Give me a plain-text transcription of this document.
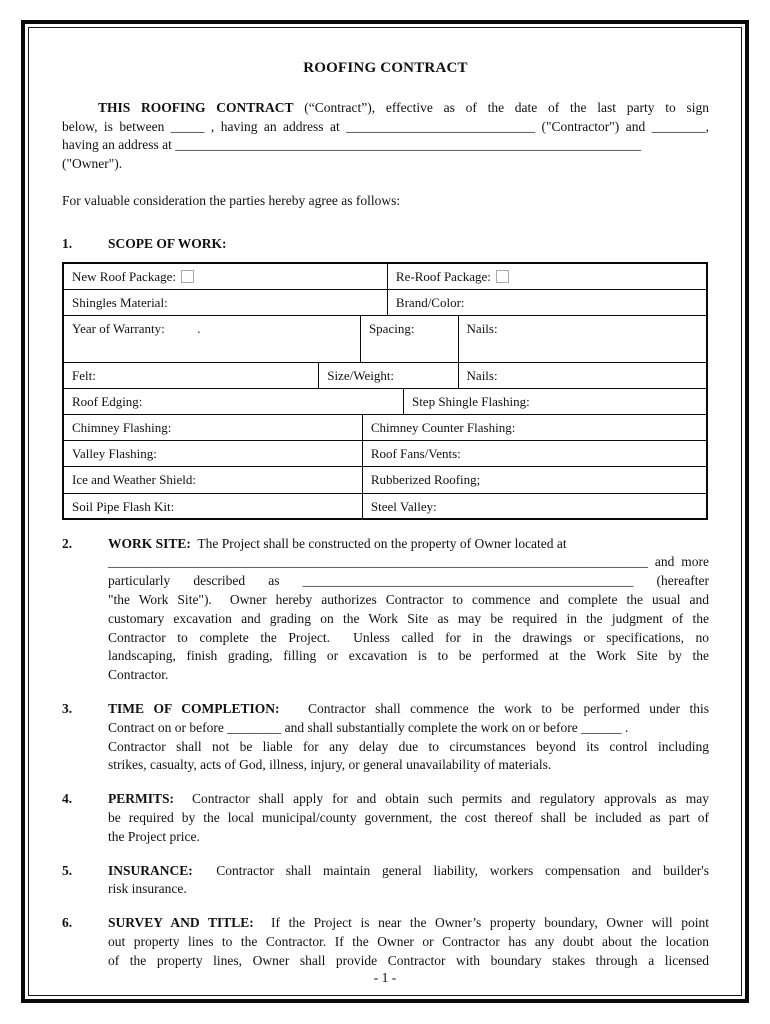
ROOFING CONTRACT
THIS ROOFING CONTRACT (“Contract”), effective as of the date of the last party to sign
below, is between _____ , having an address at ____________________________ ("Contractor") and ________,
having an address at _____________________________________________________________________
("Owner").
For valuable consideration the parties hereby agree as follows:
1.	SCOPE OF WORK:
New Roof Package:	Re-Roof Package:
Shingles Material:	Brand/Color:
Year of Warranty:          .	Spacing:	Nails:
Felt:	Size/Weight:	Nails:
Roof Edging:	Step Shingle Flashing:
Chimney Flashing:	Chimney Counter Flashing:
Valley Flashing:	Roof Fans/Vents:
Ice and Weather Shield:	Rubberized Roofing;
Soil Pipe Flash Kit:	Steel Valley:
2.	WORK SITE:  The Project shall be constructed on the property of Owner located at
________________________________________________________________________________ and more
particularly described as _________________________________________________ (hereafter
"the Work Site").  Owner hereby authorizes Contractor to commence and complete the usual and
customary excavation and grading on the Work Site as may be required in the judgment of the
Contractor to complete the Project.  Unless called for in the drawings or specifications, no
landscaping, finish grading, filling or excavation is to be performed at the Work Site by the
Contractor.
3.	TIME OF COMPLETION:   Contractor shall commence the work to be performed under this
Contract on or before ________ and shall substantially complete the work on or before ______ .
Contractor shall not be liable for any delay due to circumstances beyond its control including
strikes, casualty, acts of God, illness, injury, or general unavailability of materials.
4.	PERMITS:  Contractor shall apply for and obtain such permits and regulatory approvals as may
be required by the local municipal/county government, the cost thereof shall be included as part of
the Project price.
5.	INSURANCE:  Contractor shall maintain general liability, workers compensation and builder's
risk insurance.
6.	SURVEY AND TITLE:  If the Project is near the Owner’s property boundary, Owner will point
out property lines to the Contractor. If the Owner or Contractor has any doubt about the location
of the property lines, Owner shall provide Contractor with boundary stakes through a licensed
- 1 -
